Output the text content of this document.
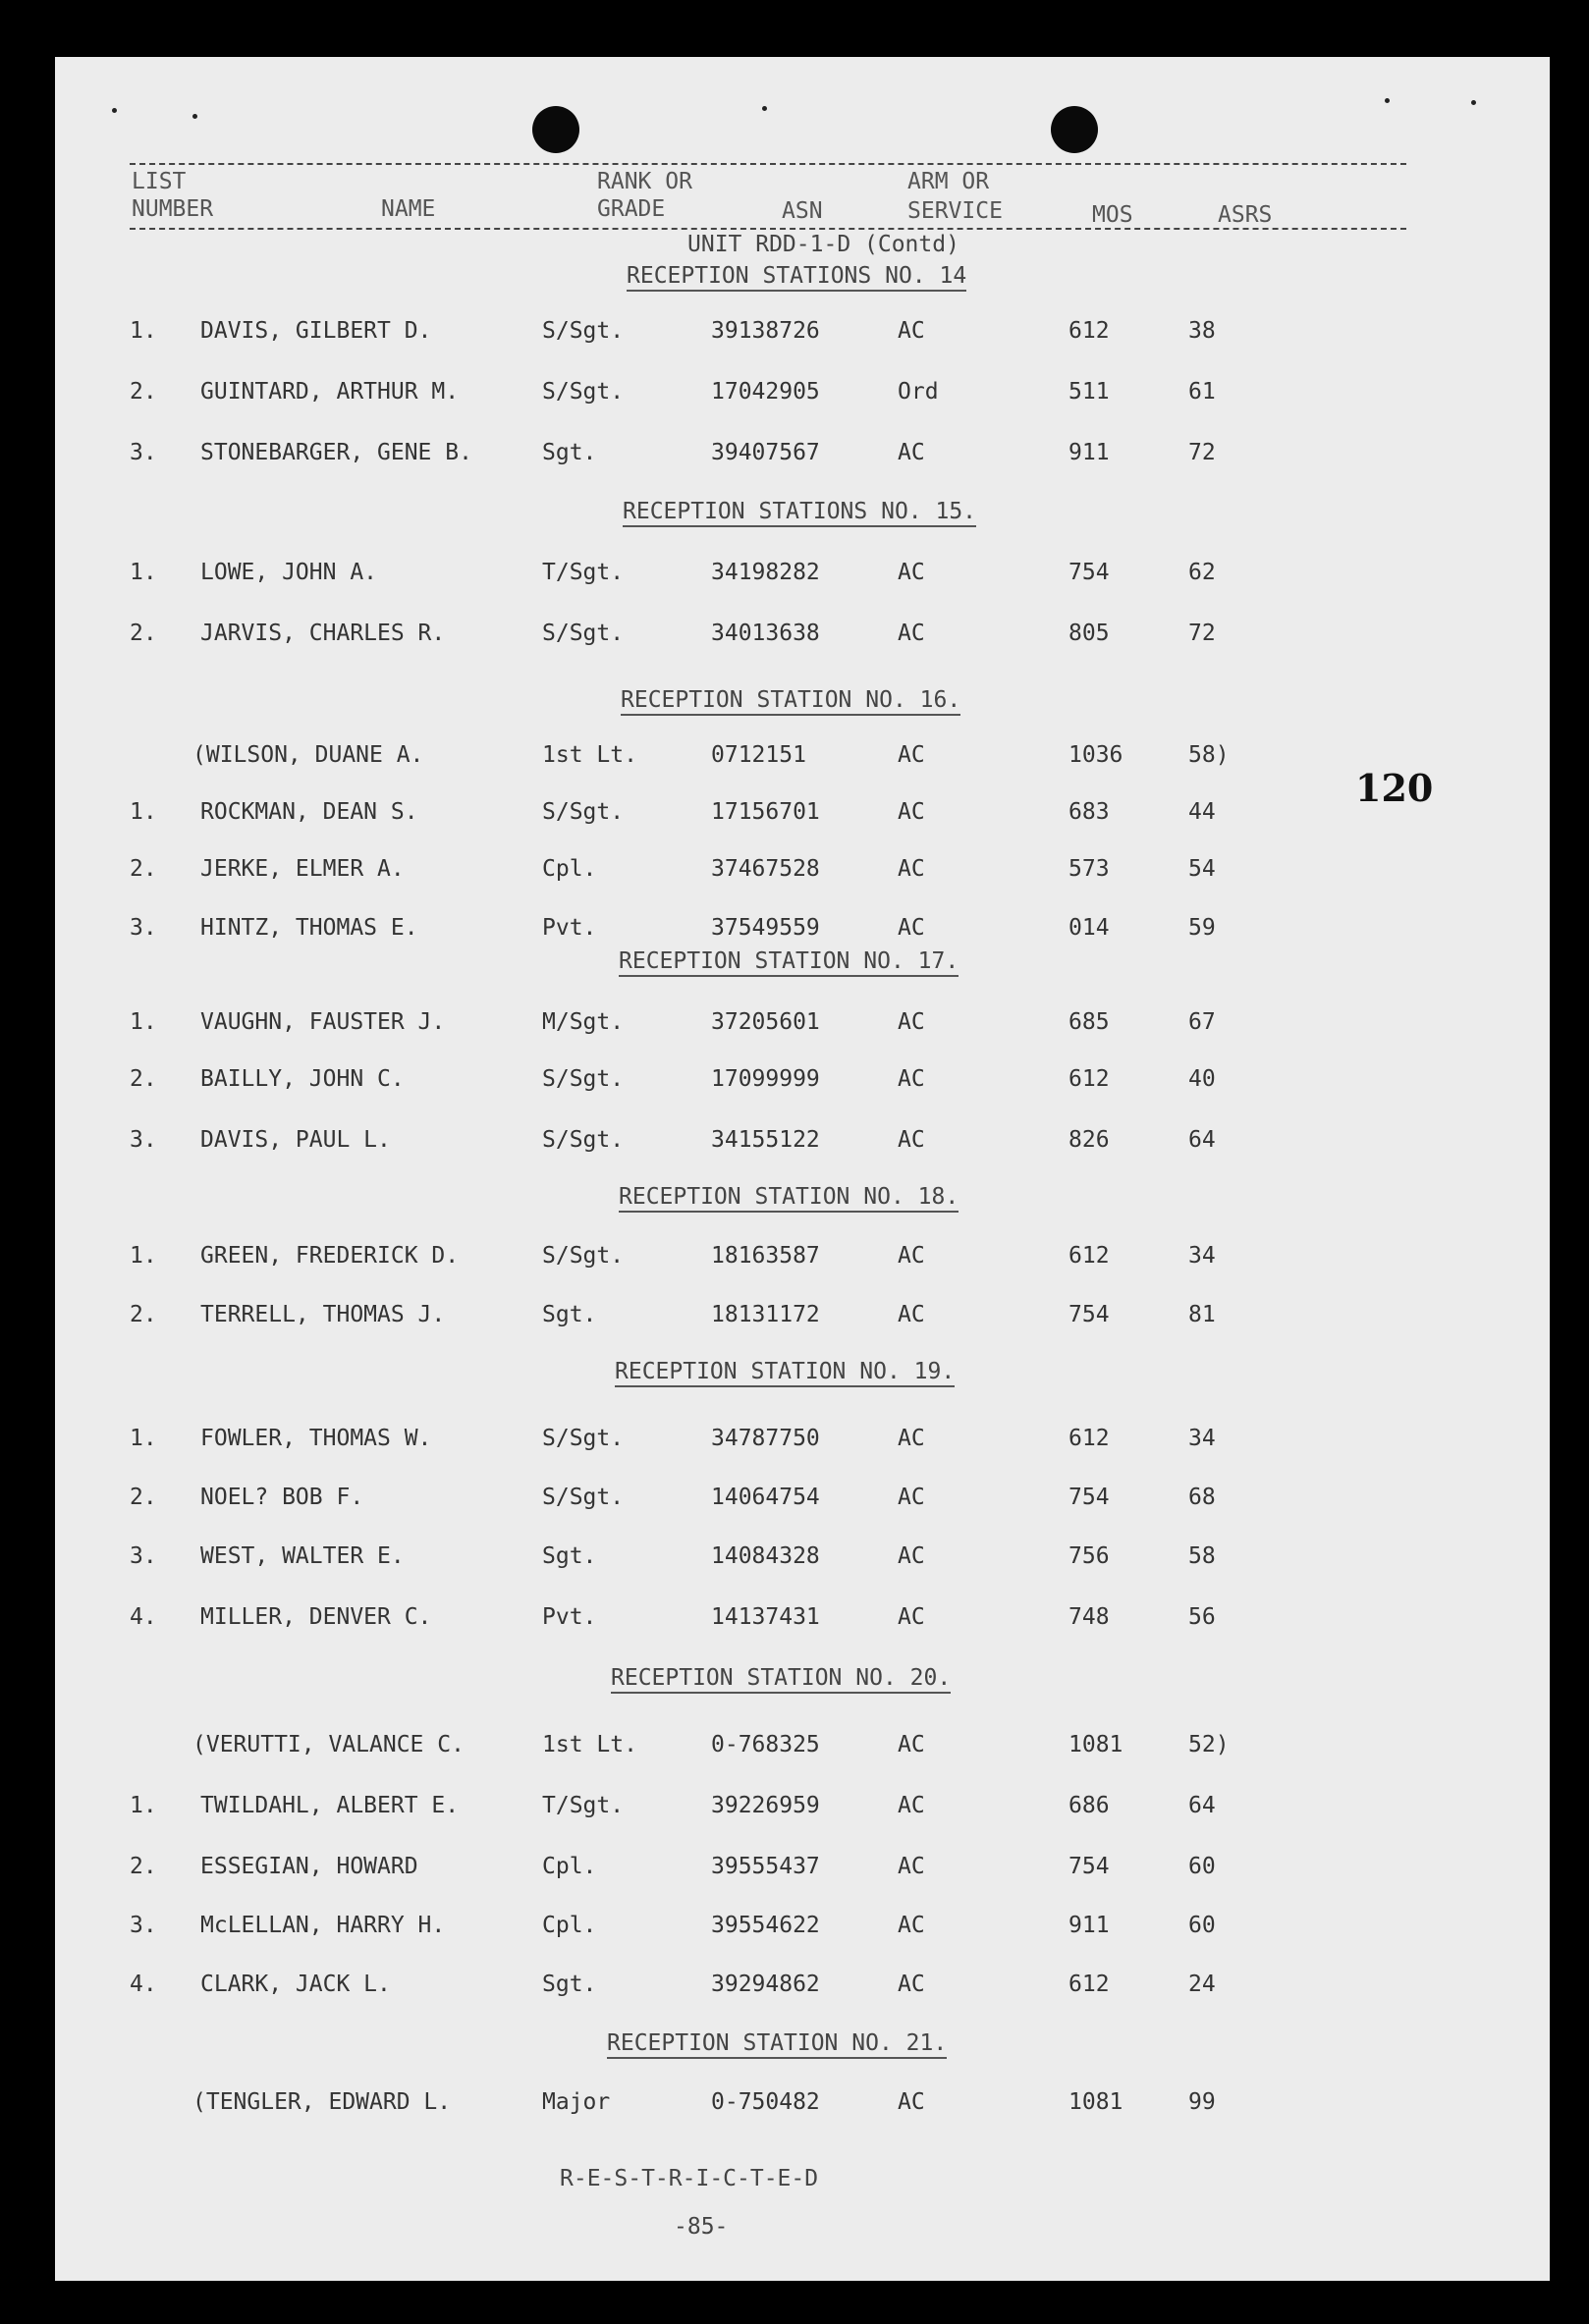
LIST
NUMBER	NAME
RANK OR
GRADE	ASN
ARM OR
SERVICE	MOS	ASRS
UNIT RDD-1-D (Contd)
RECEPTION STATIONS NO. 14
1. DAVIS, GILBERT D.	S/Sgt.	39138726	AC	612	38
2. GUINTARD, ARTHUR M.	S/Sgt.	17042905	Ord	511	61
3. STONEBARGER, GENE B.	Sgt.	39407567	AC	911	72
RECEPTION STATIONS NO. 15.
1. LOWE, JOHN A.	T/Sgt.	34198282	AC	754	62
2. JARVIS, CHARLES R.	S/Sgt.	34013638	AC	805	72
RECEPTION STATION NO. 16.
(WILSON, DUANE A.	1st Lt.	0712151	AC	1036	58)
1. ROCKMAN, DEAN S.	S/Sgt.	17156701	AC	683	44
2. JERKE, ELMER A.	Cpl.	37467528	AC	573	54
3. HINTZ, THOMAS E.	Pvt.	37549559	AC	014	59
RECEPTION STATION NO. 17.
1. VAUGHN, FAUSTER J.	M/Sgt.	37205601	AC	685	67
2. BAILLY, JOHN C.	S/Sgt.	17099999	AC	612	40
3. DAVIS, PAUL L.	S/Sgt.	34155122	AC	826	64
RECEPTION STATION NO. 18.
1. GREEN, FREDERICK D.	S/Sgt.	18163587	AC	612	34
2. TERRELL, THOMAS J.	Sgt.	18131172	AC	754	81
RECEPTION STATION NO. 19.
1. FOWLER, THOMAS W.	S/Sgt.	34787750	AC	612	34
2. NOEL? BOB F.	S/Sgt.	14064754	AC	754	68
3. WEST, WALTER E.	Sgt.	14084328	AC	756	58
4. MILLER, DENVER C.	Pvt.	14137431	AC	748	56
RECEPTION STATION NO. 20.
(VERUTTI, VALANCE C.	1st Lt.	0-768325	AC	1081	52)
1. TWILDAHL, ALBERT E.	T/Sgt.	39226959	AC	686	64
2. ESSEGIAN, HOWARD	Cpl.	39555437	AC	754	60
3. McLELLAN, HARRY H.	Cpl.	39554622	AC	911	60
4. CLARK, JACK L.	Sgt.	39294862	AC	612	24
RECEPTION STATION NO. 21.
(TENGLER, EDWARD L.	Major	0-750482	AC	1081	99
120
R-E-S-T-R-I-C-T-E-D
-85-
